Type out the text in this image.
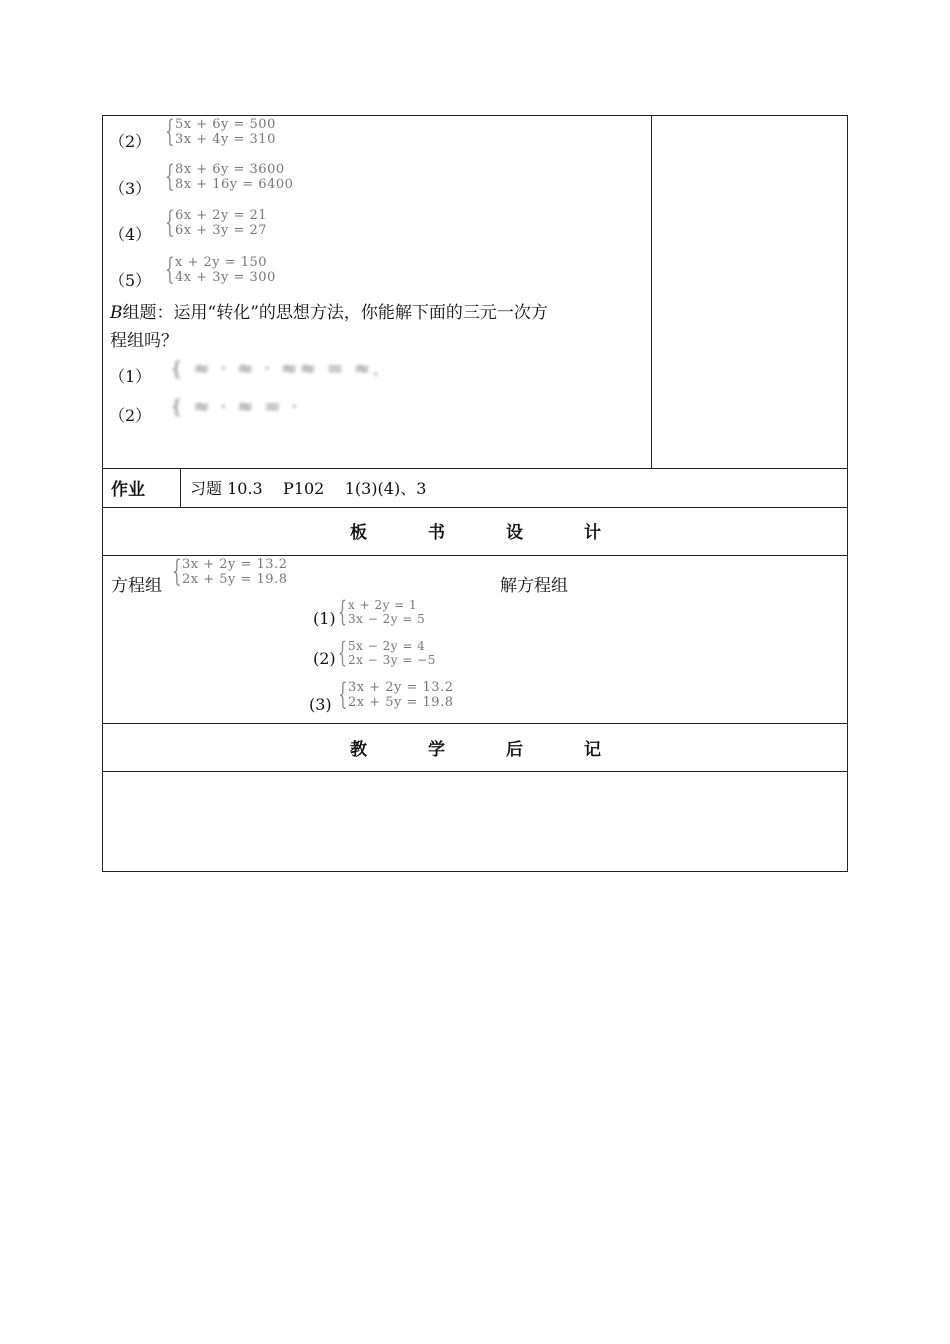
（2） { 5x + 6y = 500
3x + 4y = 310
（3） { 8x + 6y = 3600
8x + 16y = 6400
（4） { 6x + 2y = 21
6x + 3y = 27
（5） { x + 2y = 150
4x + 3y = 300
B组题：运用“转化”的思想方法，你能解下面的三元一次方
程组吗？
（1） { ≈ · ≈ · ≈≈ = ≈.
（2） { ≈ · ≈ = ·
作业	习题 10.3    P102    1(3)(4)、3
板	书	设	计
方程组 { 3x + 2y = 13.2
2x + 5y = 19.8	解方程组
(1) { x + 2y = 1
3x − 2y = 5
(2) { 5x − 2y = 4
2x − 3y = −5
(3) { 3x + 2y = 13.2
2x + 5y = 19.8
教	学	后	记
